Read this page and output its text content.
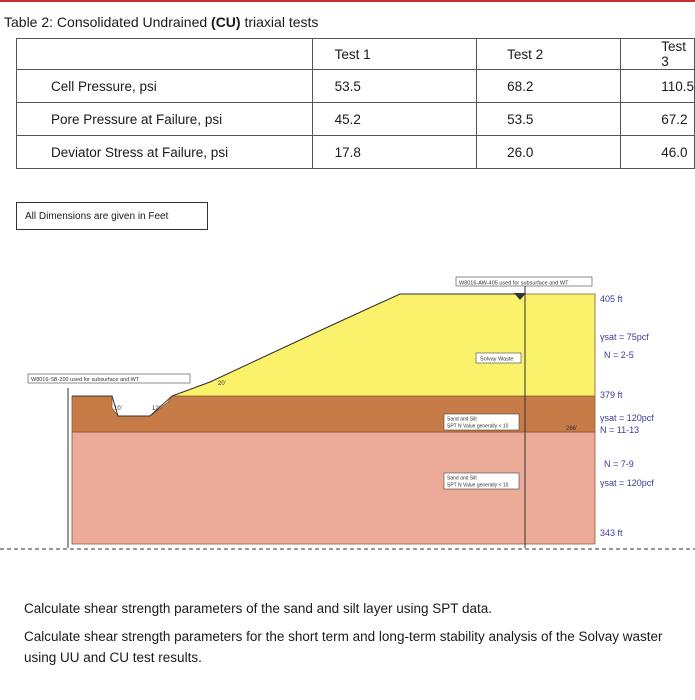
Table 2: Consolidated Undrained (CU) triaxial tests
	Test 1	Test 2	Test 3
Cell Pressure, psi	53.5	68.2	110.5
Pore Pressure at Failure, psi	45.2	53.5	67.2
Deviator Stress at Failure, psi	17.8	26.0	46.0
All Dimensions are given in Feet
W8016-AW-405 used for subsurface and WT
W8016-SB-200 used for subsurface and WT
Solvay Waste
Sand and Silt
SPT N Value generally < 10
Sand and Silt
SPT N Value generally < 10
20'
10'	12'
266'
405 ft
γsat = 75pcf
N = 2-5
379 ft
γsat = 120pcf
N = 11-13
N = 7-9
γsat = 120pcf
343 ft
Calculate shear strength parameters of the sand and silt layer using SPT data.
Calculate shear strength parameters for the short term and long-term stability analysis of the Solvay waster using UU and CU test results.
